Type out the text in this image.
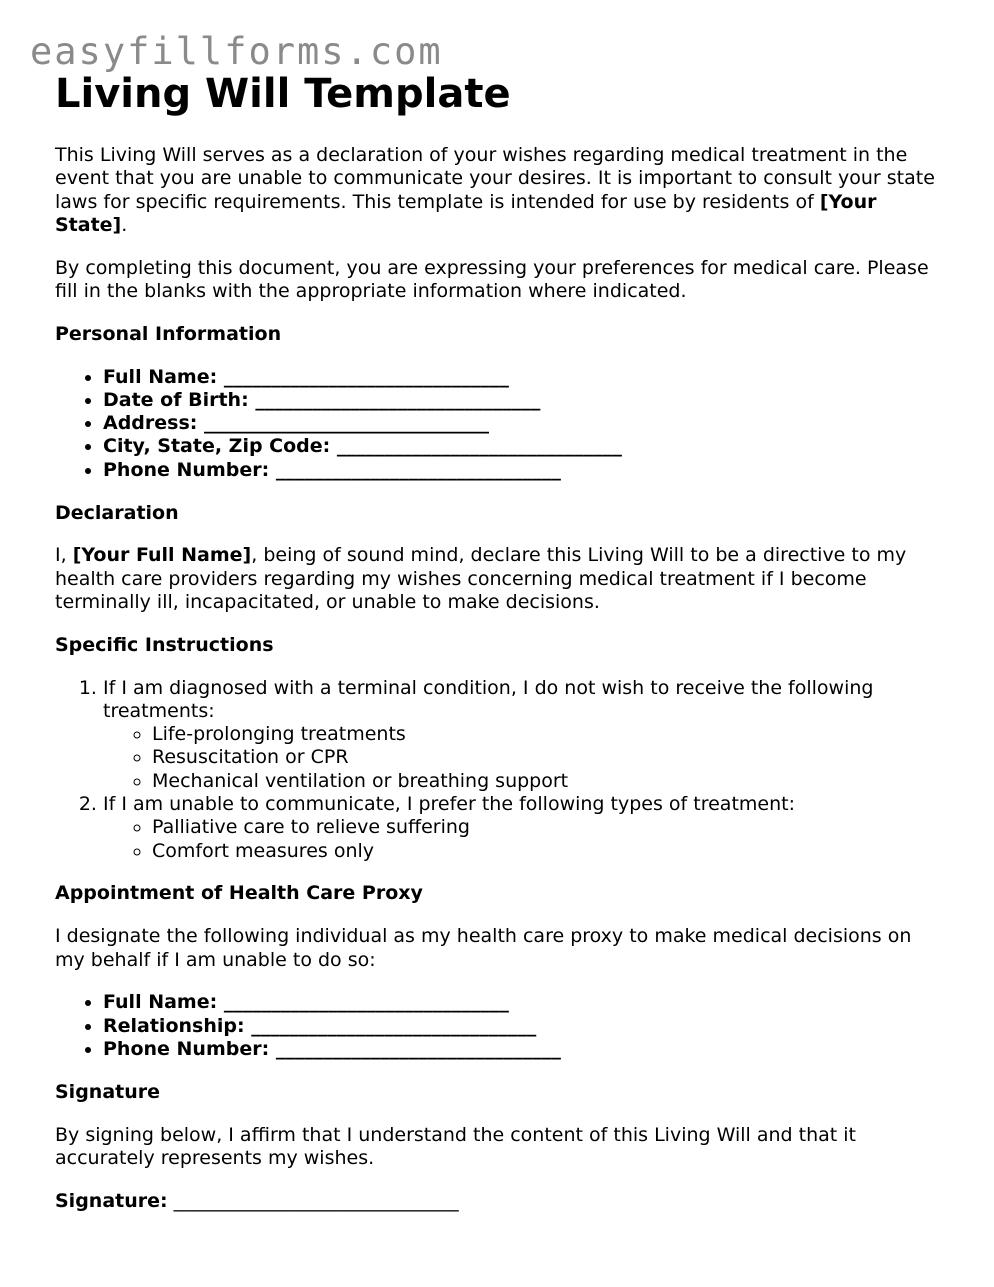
easyfillforms.com
Living Will Template

This Living Will serves as a declaration of your wishes regarding medical treatment in the event that you are unable to communicate your desires. It is important to consult your state laws for specific requirements. This template is intended for use by residents of [Your State].

By completing this document, you are expressing your preferences for medical care. Please fill in the blanks with the appropriate information where indicated.

Personal Information
• Full Name: ______________________________
• Date of Birth: ______________________________
• Address: ______________________________
• City, State, Zip Code: ______________________________
• Phone Number: ______________________________
Declaration

I, [Your Full Name], being of sound mind, declare this Living Will to be a directive to my health care providers regarding my wishes concerning medical treatment if I become terminally ill, incapacitated, or unable to make decisions.

Specific Instructions
1. If I am diagnosed with a terminal condition, I do not wish to receive the following treatments:
◦ Life-prolonging treatments
◦ Resuscitation or CPR
◦ Mechanical ventilation or breathing support
2. If I am unable to communicate, I prefer the following types of treatment:
◦ Palliative care to relieve suffering
◦ Comfort measures only
Appointment of Health Care Proxy

I designate the following individual as my health care proxy to make medical decisions on my behalf if I am unable to do so:

• Full Name: ______________________________
• Relationship: ______________________________
• Phone Number: ______________________________
Signature

By signing below, I affirm that I understand the content of this Living Will and that it accurately represents my wishes.

Signature: ______________________________
